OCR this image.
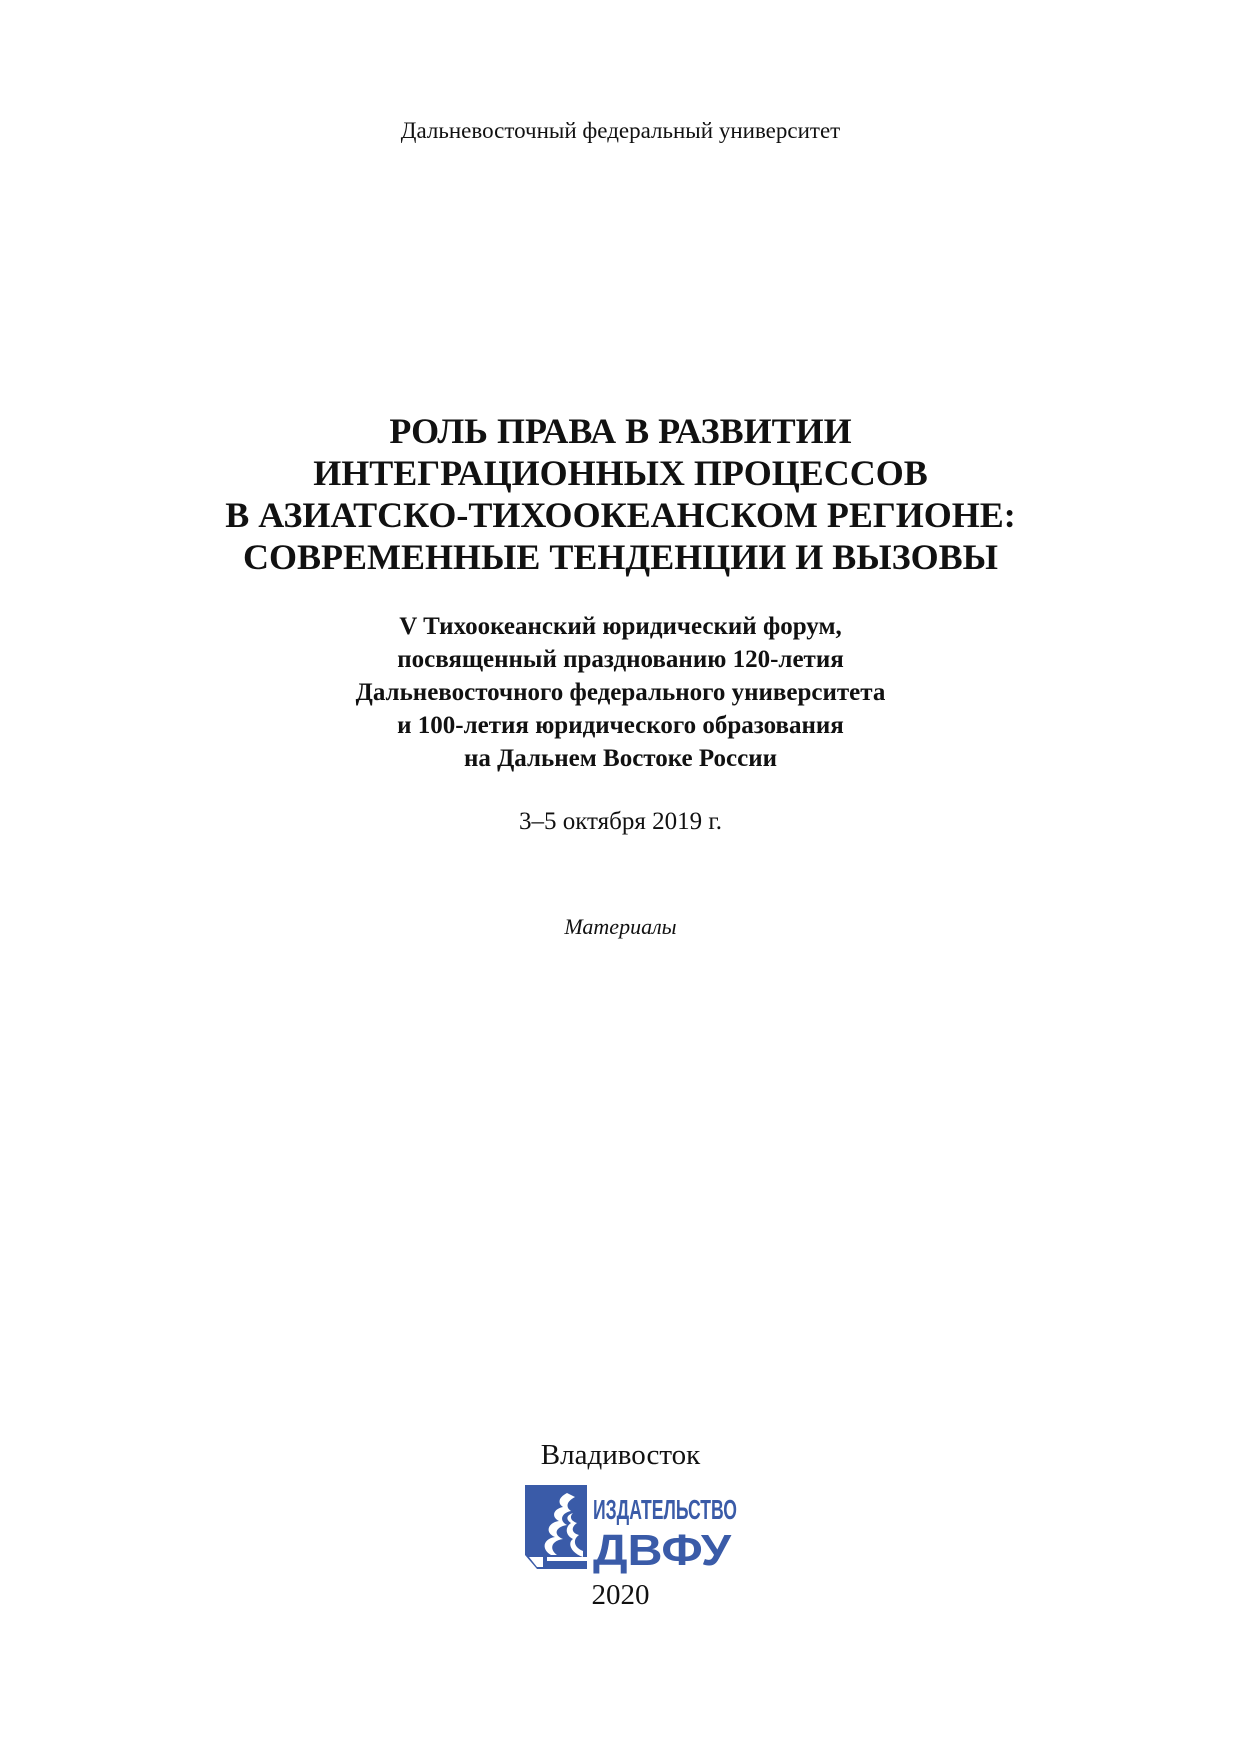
Дальневосточный федеральный университет
РОЛЬ ПРАВА В РАЗВИТИИ
ИНТЕГРАЦИОННЫХ ПРОЦЕССОВ
В АЗИАТСКО-ТИХООКЕАНСКОМ РЕГИОНЕ:
СОВРЕМЕННЫЕ ТЕНДЕНЦИИ И ВЫЗОВЫ
V Тихоокеанский юридический форум,
посвященный празднованию 120-летия
Дальневосточного федерального университета
и 100-летия юридического образования
на Дальнем Востоке России
3–5 октября 2019 г.
Материалы
Владивосток
ИЗДАТЕЛЬСТВО
ДВФУ
2020
